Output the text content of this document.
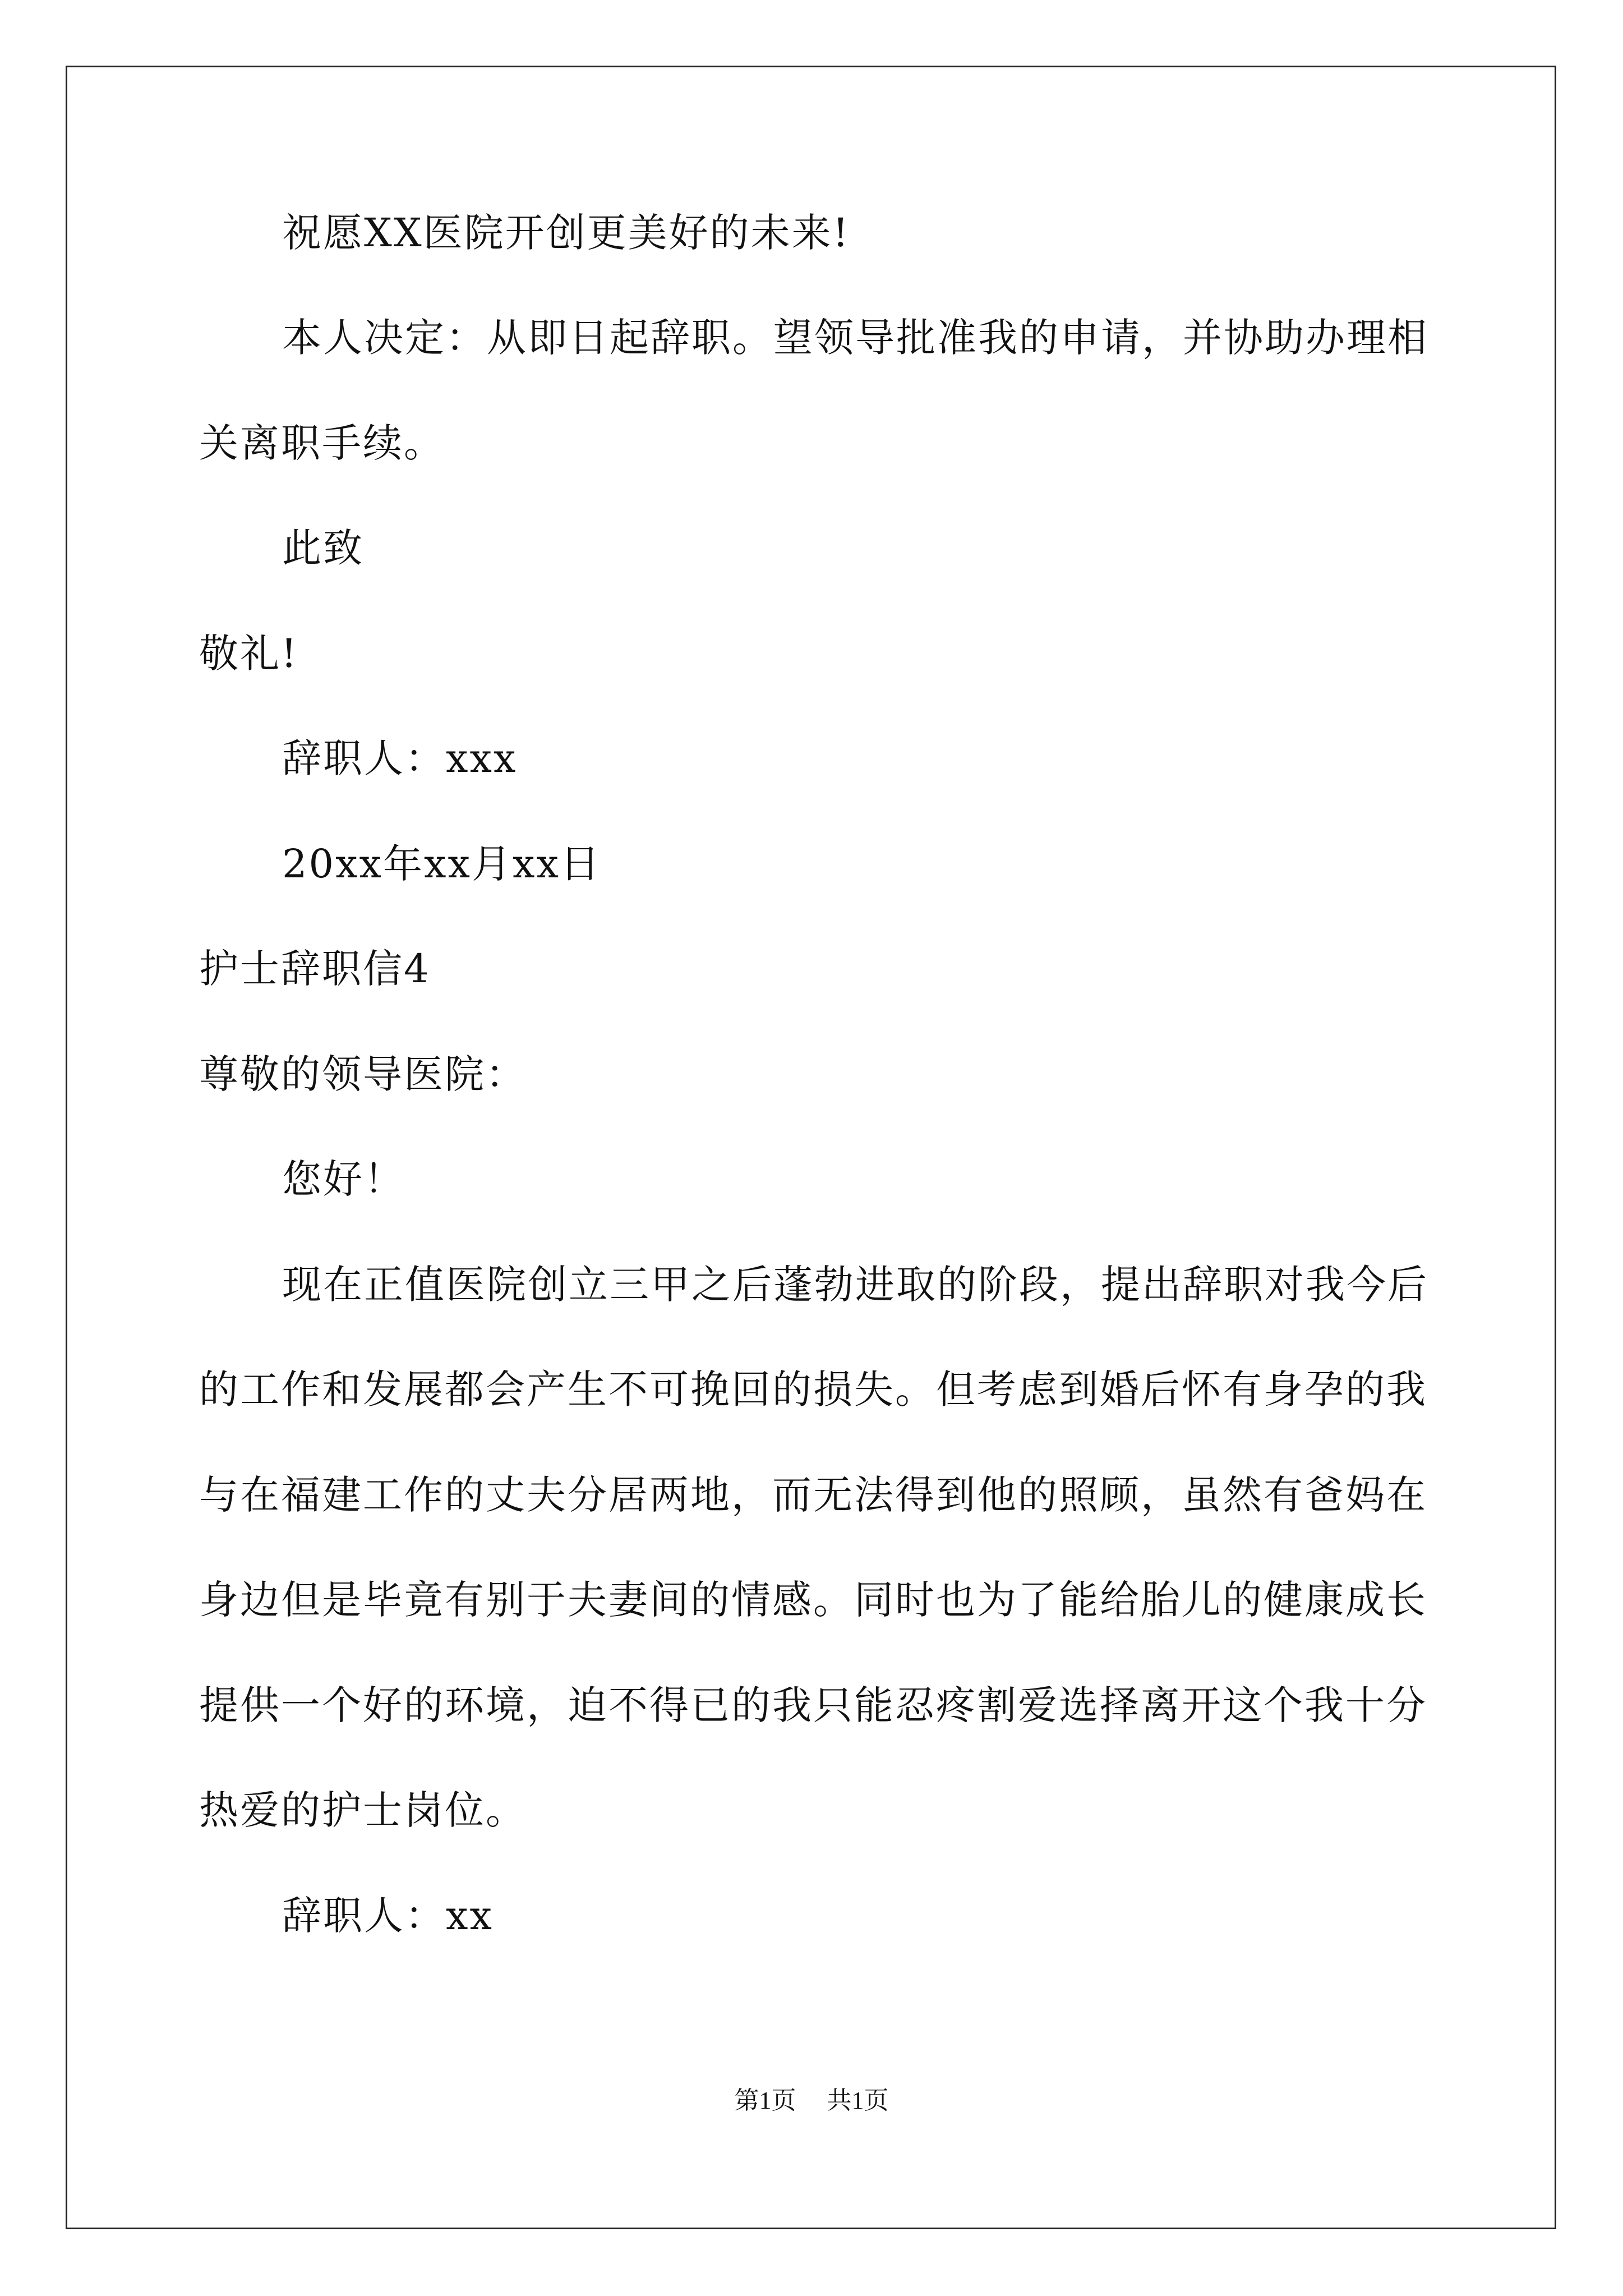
祝愿XX医院开创更美好的未来!
本人决定：从即日起辞职。望领导批准我的申请，并协助办理相
关离职手续。
此致
敬礼!
辞职人：xxx
20xx年xx月xx日
护士辞职信4
尊敬的领导医院：
您好！
现在正值医院创立三甲之后蓬勃进取的阶段，提出辞职对我今后
的工作和发展都会产生不可挽回的损失。但考虑到婚后怀有身孕的我
与在福建工作的丈夫分居两地，而无法得到他的照顾，虽然有爸妈在
身边但是毕竟有别于夫妻间的情感。同时也为了能给胎儿的健康成长
提供一个好的环境，迫不得已的我只能忍疼割爱选择离开这个我十分
热爱的护士岗位。
辞职人：xx
第1页 共1页
